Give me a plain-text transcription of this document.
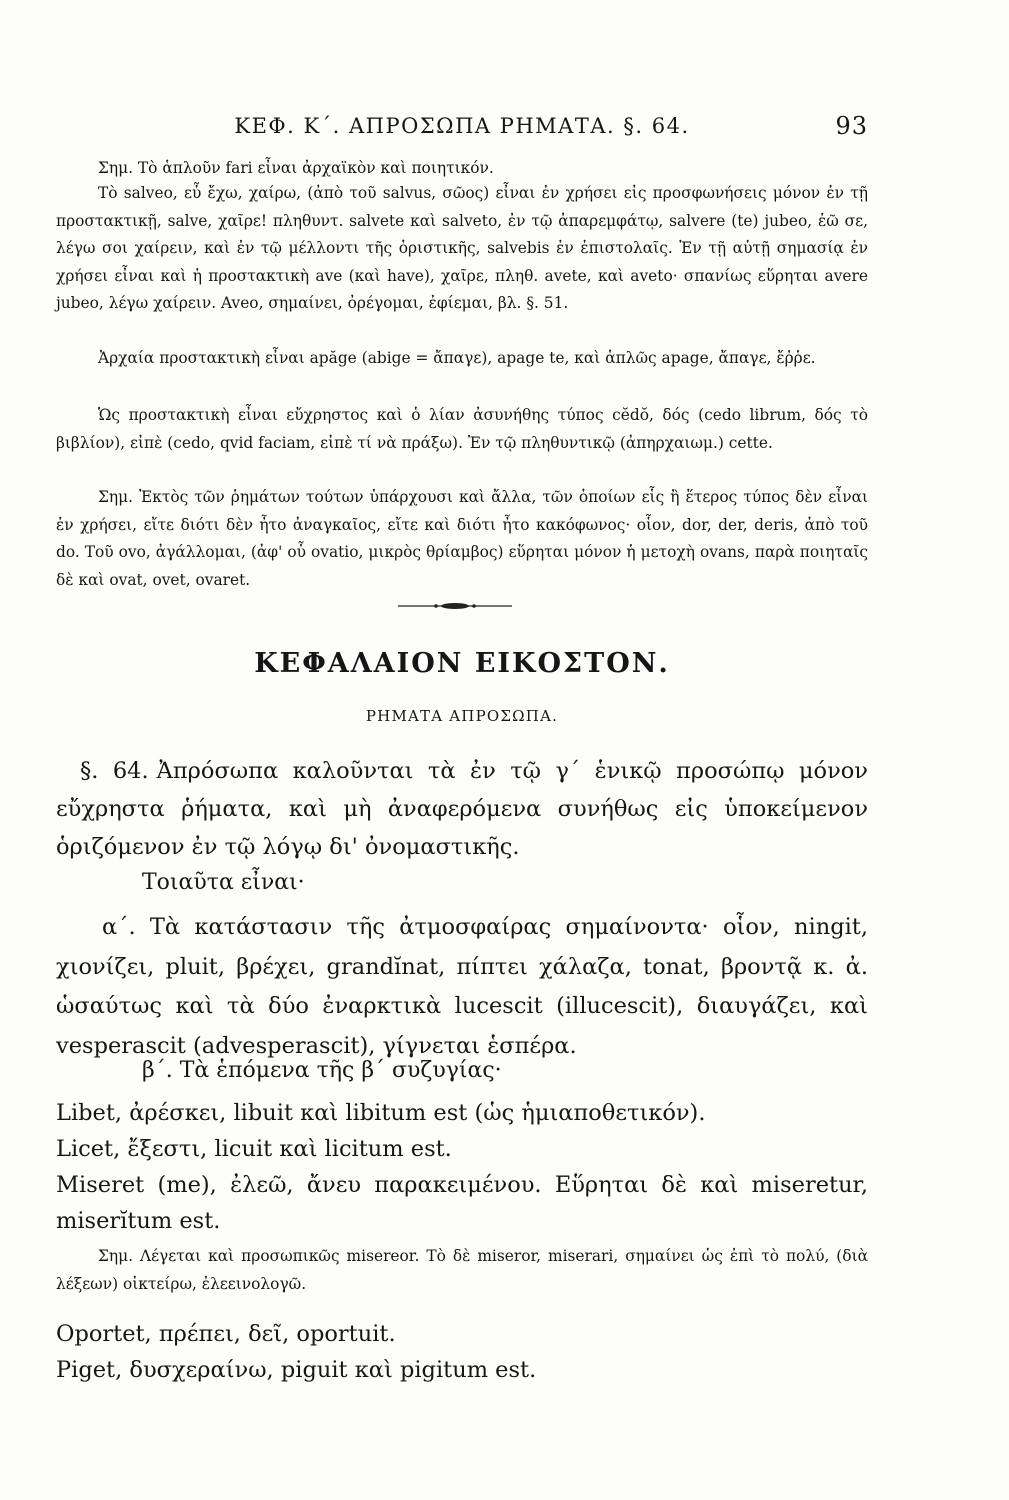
ΚΕΦ. Κ΄. ΑΠΡΟΣΩΠΑ ΡΗΜΑΤΑ. §. 64.	93

Σημ. Τὸ ἁπλοῦν fari εἶναι ἀρχαϊκὸν καὶ ποιητικόν.

Τὸ salveo, εὖ ἔχω, χαίρω, (ἀπὸ τοῦ salvus, σῶος) εἶναι ἐν χρήσει εἰς προσφωνήσεις μόνον ἐν τῇ προστακτικῇ, salve, χαῖρε! πληθυντ. salvete καὶ salveto, ἐν τῷ ἀπαρεμφάτῳ, salvere (te) jubeo, ἐῶ σε, λέγω σοι χαίρειν, καὶ ἐν τῷ μέλλοντι τῆς ὁριστικῆς, salvebis ἐν ἐπιστολαῖς. Ἐν τῇ αὐτῇ σημασίᾳ ἐν χρήσει εἶναι καὶ ἡ προστακτικὴ ave (καὶ have), χαῖρε, πληθ. avete, καὶ aveto· σπανίως εὕρηται avere jubeo, λέγω χαίρειν. Aveo, σημαίνει, ὀρέγομαι, ἐφίεμαι, βλ. §. 51.

Ἀρχαία προστακτικὴ εἶναι apăge (abige = ἄπαγε), apage te, καὶ ἁπλῶς apage, ἄπαγε, ἔῤῥε.

Ὡς προστακτικὴ εἶναι εὔχρηστος καὶ ὁ λίαν ἀσυνήθης τύπος cĕdŏ, δός (cedo librum, δός τὸ βιβλίον), εἰπὲ (cedo, qvid faciam, εἰπὲ τί νὰ πράξω). Ἐν τῷ πληθυντικῷ (ἀπηρχαιωμ.) cette.

Σημ. Ἐκτὸς τῶν ῥημάτων τούτων ὑπάρχουσι καὶ ἄλλα, τῶν ὁποίων εἷς ἢ ἕτερος τύπος δὲν εἶναι ἐν χρήσει, εἴτε διότι δὲν ἦτο ἀναγκαῖος, εἴτε καὶ διότι ἦτο κακόφωνος· οἷον, dor, der, deris, ἀπὸ τοῦ do. Τοῦ ovo, ἀγάλλομαι, (ἀφ' οὗ ovatio, μικρὸς θρίαμβος) εὕρηται μόνον ἡ μετοχὴ ovans, παρὰ ποιηταῖς δὲ καὶ ovat, ovet, ovaret.

ΚΕΦΑΛΑΙΟΝ ΕΙΚΟΣΤΟΝ.
ΡΗΜΑΤΑ ΑΠΡΟΣΩΠΑ.

§. 64. Ἀπρόσωπα καλοῦνται τὰ ἐν τῷ γ΄ ἑνικῷ προσώπῳ μόνον εὔχρηστα ῥήματα, καὶ μὴ ἀναφερόμενα συνήθως εἰς ὑποκείμενον ὁριζόμενον ἐν τῷ λόγῳ δι' ὀνομαστικῆς.

Τοιαῦτα εἶναι·

α΄. Τὰ κατάστασιν τῆς ἀτμοσφαίρας σημαίνοντα· οἷον, ningit, χιονίζει, pluit, βρέχει, grandĭnat, πίπτει χάλαζα, tonat, βροντᾷ κ. ἀ. ὡσαύτως καὶ τὰ δύο ἐναρκτικὰ lucescit (illucescit), διαυγάζει, καὶ vesperascit (advesperascit), γίγνεται ἑσπέρα.

β΄. Τὰ ἑπόμενα τῆς β΄ συζυγίας·

Libet, ἀρέσκει, libuit καὶ libitum est (ὡς ἡμιαποθετικόν).

Licet, ἔξεστι, licuit καὶ licitum est.

Miseret (me), ἐλεῶ, ἄνευ παρακειμένου. Εὕρηται δὲ καὶ miseretur, miserĭtum est.

Σημ. Λέγεται καὶ προσωπικῶς misereor. Τὸ δὲ miseror, miserari, σημαίνει ὡς ἐπὶ τὸ πολύ, (διὰ λέξεων) οἰκτείρω, ἐλεεινολογῶ.

Oportet, πρέπει, δεῖ, oportuit.

Piget, δυσχεραίνω, piguit καὶ pigitum est.
